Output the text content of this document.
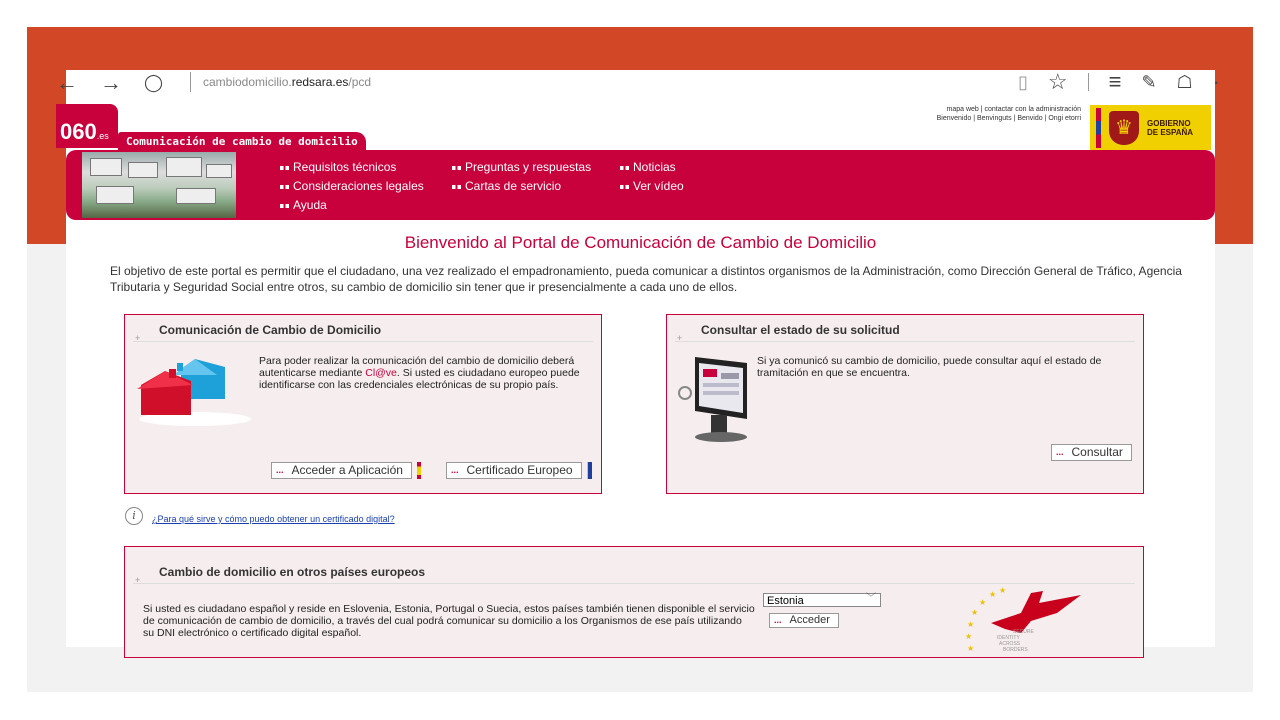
← → ◯	cambiodomicilio.redsara.es/pcd	▯ ☆ ≡ ✎ ☖ ·
060.es	Comunicación de cambio de domicilio
mapa web | contactar con la administración
Bienvenido | Benvinguts | Benvido | Ongi etorri	♛	GOBIERNO
DE ESPAÑA
Requisitos técnicos
Consideraciones legales
Ayuda
Preguntas y respuestas
Cartas de servicio
Noticias
Ver vídeo
Bienvenido al Portal de Comunicación de Cambio de Domicilio
El objetivo de este portal es permitir que el ciudadano, una vez realizado el empadronamiento, pueda comunicar a distintos organismos de la Administración, como Dirección General de Tráfico, Agencia Tributaria y Seguridad Social entre otros, su cambio de domicilio sin tener que ir presencialmente a cada uno de ellos.
+ Comunicación de Cambio de Domicilio

Para poder realizar la comunicación del cambio de domicilio deberá autenticarse mediante Cl@ve. Si usted es ciudadano europeo puede identificarse con las credenciales electrónicas de su propio país.

... Acceder a Aplicación	... Certificado Europeo
+ Consultar el estado de su solicitud

Si ya comunicó su cambio de domicilio, puede consultar aquí el estado de tramitación en que se encuentra.

... Consultar
i	¿Para qué sirve y cómo puedo obtener un certificado digital?
+ Cambio de domicilio en otros países europeos

Si usted es ciudadano español y reside en Eslovenia, Estonia, Portugal o Suecia, estos países también tienen disponible el servicio de comunicación de cambio de domicilio, a través del cual podrá comunicar su domicilio a los Organismos de ese país utilizando su DNI electrónico o certificado digital español.

Estonia	﹀
... Acceder
★
★
★
★
★
★
★
SECURE
IDENTITY
ACROSS
BORDERS
